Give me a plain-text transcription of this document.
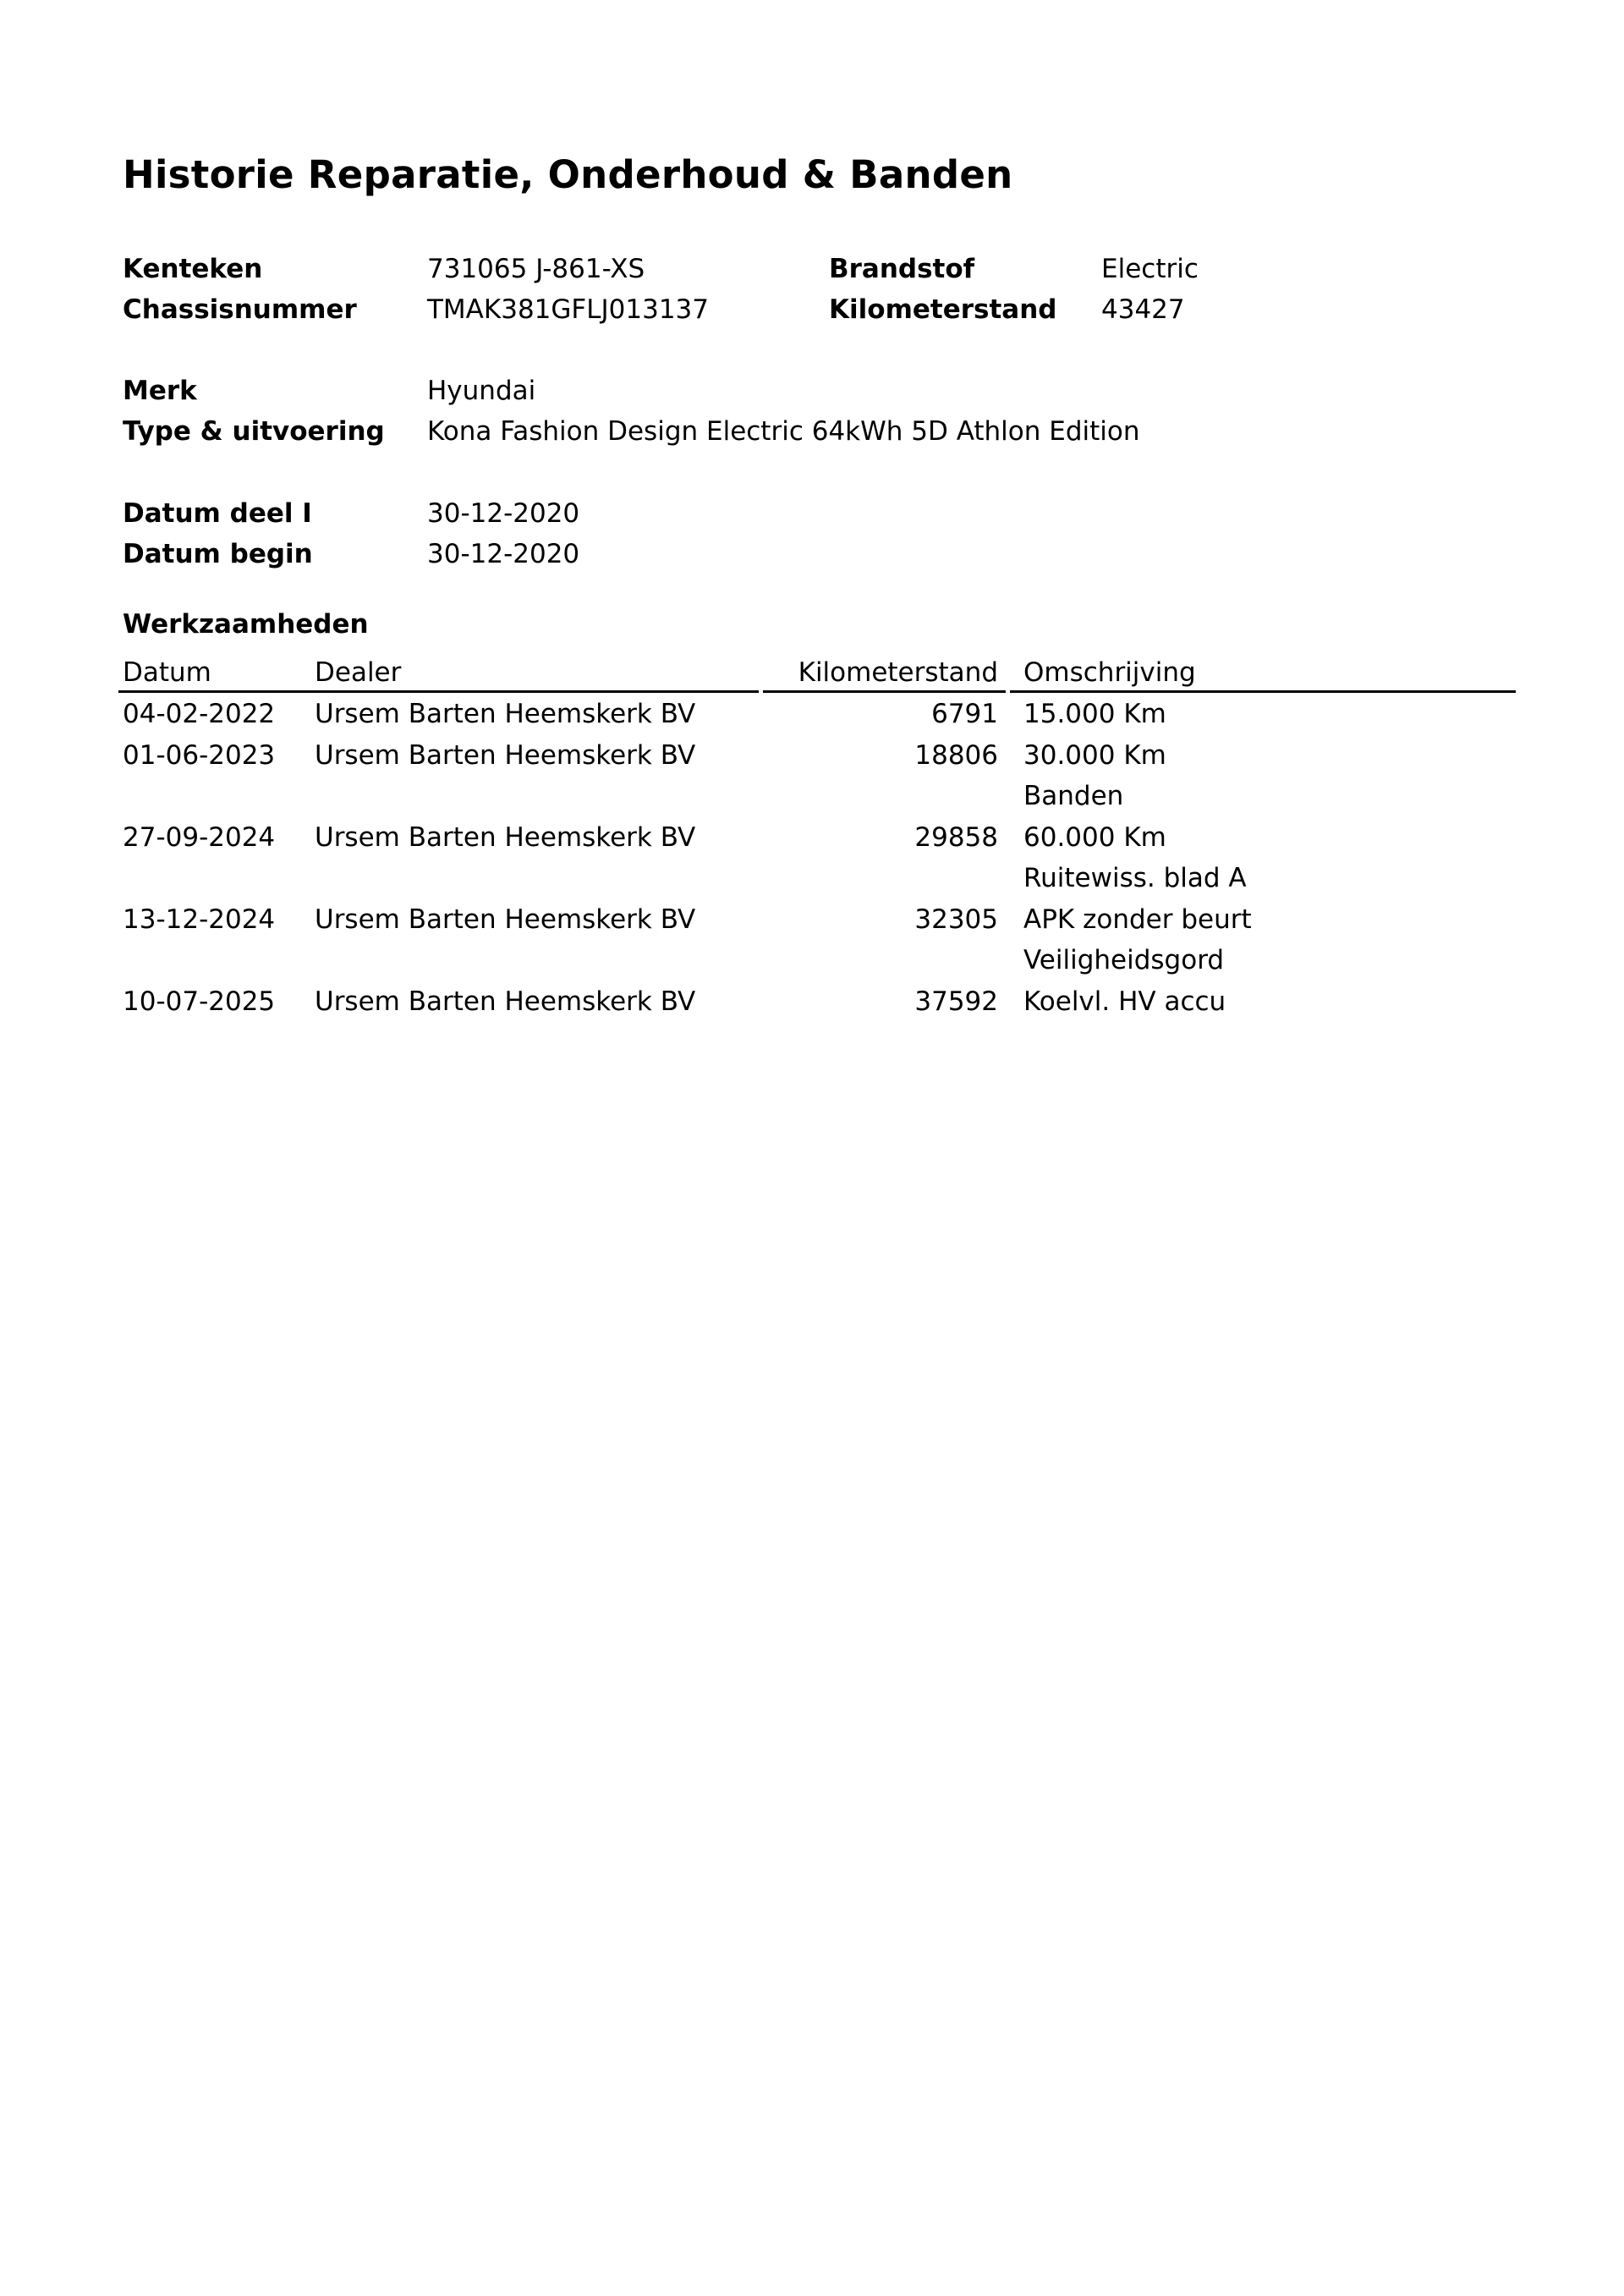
Historie Reparatie, Onderhoud & Banden
Kenteken	731065 J-861-XS	Brandstof	Electric
Chassisnummer	TMAK381GFLJ013137	Kilometerstand 43427
Merk	Hyundai
Type & uitvoering Kona Fashion Design Electric 64kWh 5D Athlon Edition
Datum deel I	30-12-2020
Datum begin	30-12-2020
Werkzaamheden
Datum	Dealer	Kilometerstand Omschrijving
04-02-2022 Ursem Barten Heemskerk BV	6791 15.000 Km
01-06-2023 Ursem Barten Heemskerk BV	18806 30.000 Km
Banden
27-09-2024 Ursem Barten Heemskerk BV	29858 60.000 Km
Ruitewiss. blad A
13-12-2024 Ursem Barten Heemskerk BV	32305 APK zonder beurt
Veiligheidsgord
10-07-2025 Ursem Barten Heemskerk BV	37592 Koelvl. HV accu
